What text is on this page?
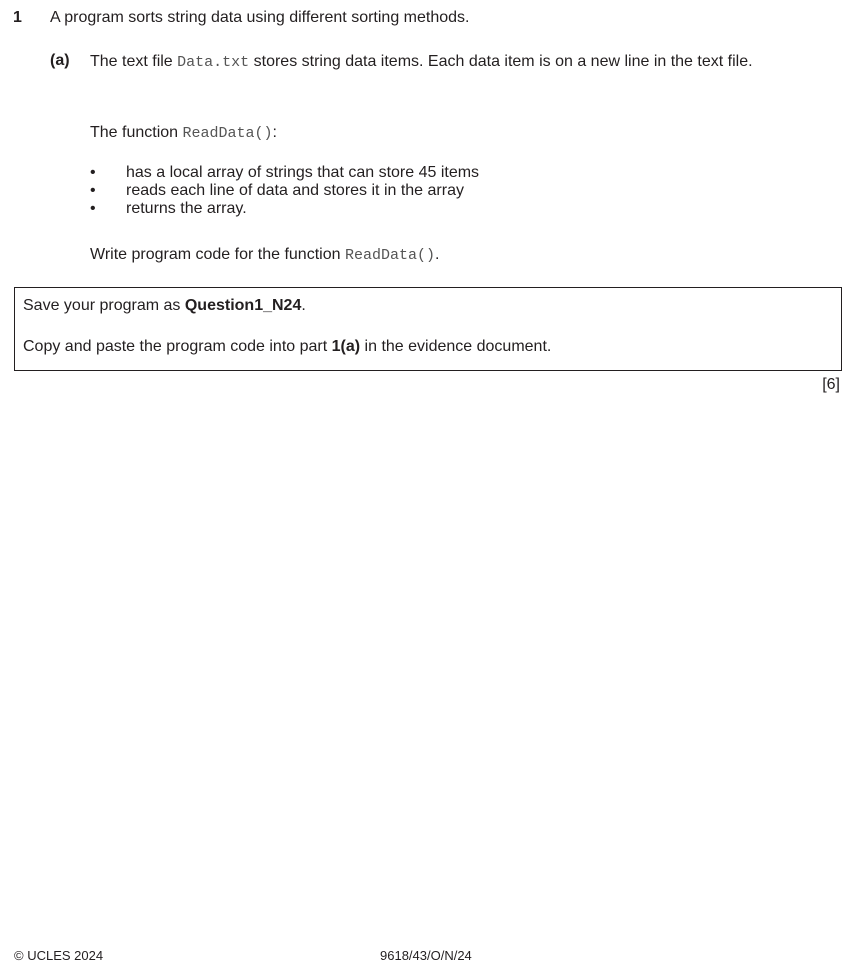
1 A program sorts string data using different sorting methods.
(a) The text file Data.txt stores string data items. Each data item is on a new line in the text file.
The function ReadData():
• has a local array of strings that can store 45 items
• reads each line of data and stores it in the array
• returns the array.
Write program code for the function ReadData().
Save your program as Question1_N24.
Copy and paste the program code into part 1(a) in the evidence document.
[6]
© UCLES 2024	9618/43/O/N/24
